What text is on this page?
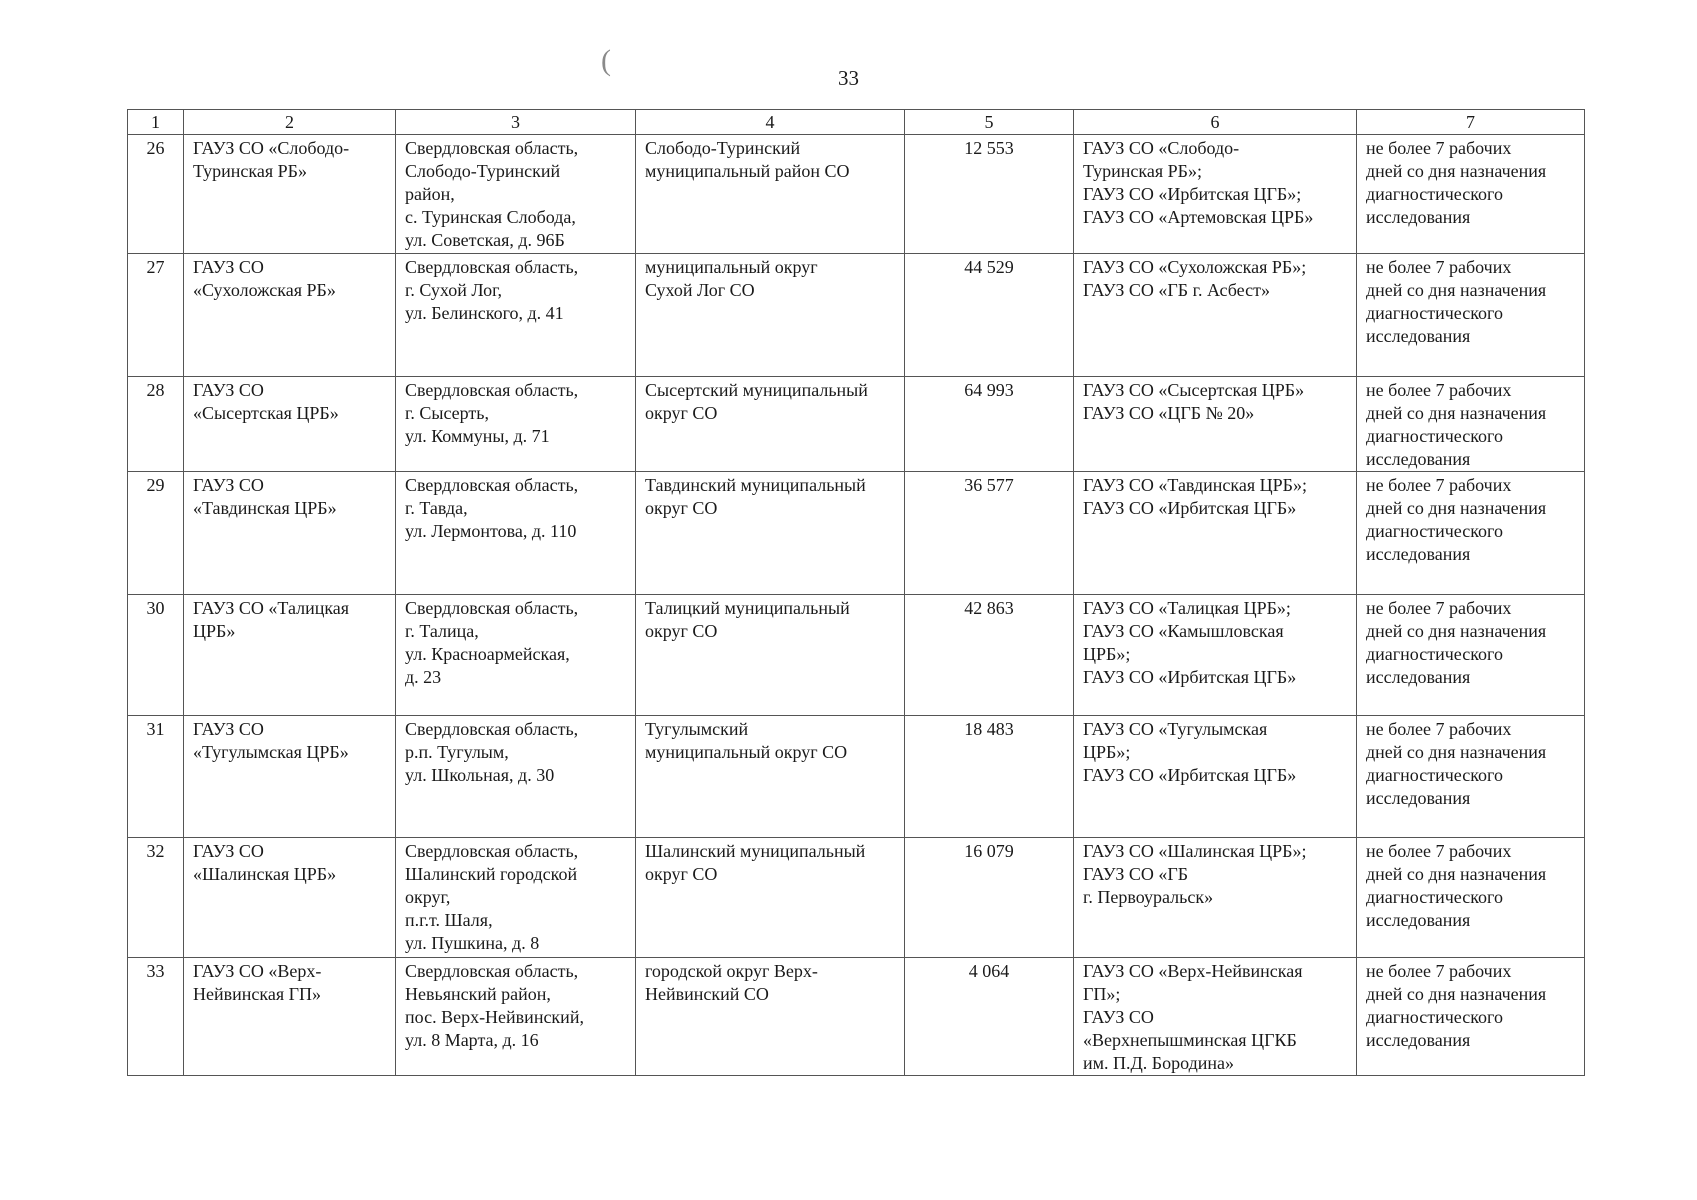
(
33
1	2	3	4	5	6	7
26	ГАУЗ СО «Слободо-
Туринская РБ»	Свердловская область,
Слободо-Туринский
район,
с. Туринская Слобода,
ул. Советская, д. 96Б	Слободо-Туринский
муниципальный район СО	12 553	ГАУЗ СО «Слободо-
Туринская РБ»;
ГАУЗ СО «Ирбитская ЦГБ»;
ГАУЗ СО «Артемовская ЦРБ»	не более 7 рабочих
дней со дня назначения
диагностического
исследования
27	ГАУЗ СО
«Сухоложская РБ»	Свердловская область,
г. Сухой Лог,
ул. Белинского, д. 41	муниципальный округ
Сухой Лог СО	44 529	ГАУЗ СО «Сухоложская РБ»;
ГАУЗ СО «ГБ г. Асбест»	не более 7 рабочих
дней со дня назначения
диагностического
исследования
28	ГАУЗ СО
«Сысертская ЦРБ»	Свердловская область,
г. Сысерть,
ул. Коммуны, д. 71	Сысертский муниципальный
округ СО	64 993	ГАУЗ СО «Сысертская ЦРБ»
ГАУЗ СО «ЦГБ № 20»	не более 7 рабочих
дней со дня назначения
диагностического
исследования
29	ГАУЗ СО
«Тавдинская ЦРБ»	Свердловская область,
г. Тавда,
ул. Лермонтова, д. 110	Тавдинский муниципальный
округ СО	36 577	ГАУЗ СО «Тавдинская ЦРБ»;
ГАУЗ СО «Ирбитская ЦГБ»	не более 7 рабочих
дней со дня назначения
диагностического
исследования
30	ГАУЗ СО «Талицкая
ЦРБ»	Свердловская область,
г. Талица,
ул. Красноармейская,
д. 23	Талицкий муниципальный
округ СО	42 863	ГАУЗ СО «Талицкая ЦРБ»;
ГАУЗ СО «Камышловская
ЦРБ»;
ГАУЗ СО «Ирбитская ЦГБ»	не более 7 рабочих
дней со дня назначения
диагностического
исследования
31	ГАУЗ СО
«Тугулымская ЦРБ»	Свердловская область,
р.п. Тугулым,
ул. Школьная, д. 30	Тугулымский
муниципальный округ СО	18 483	ГАУЗ СО «Тугулымская
ЦРБ»;
ГАУЗ СО «Ирбитская ЦГБ»	не более 7 рабочих
дней со дня назначения
диагностического
исследования
32	ГАУЗ СО
«Шалинская ЦРБ»	Свердловская область,
Шалинский городской
округ,
п.г.т. Шаля,
ул. Пушкина, д. 8	Шалинский муниципальный
округ СО	16 079	ГАУЗ СО «Шалинская ЦРБ»;
ГАУЗ СО «ГБ
г. Первоуральск»	не более 7 рабочих
дней со дня назначения
диагностического
исследования
33	ГАУЗ СО «Верх-
Нейвинская ГП»	Свердловская область,
Невьянский район,
пос. Верх-Нейвинский,
ул. 8 Марта, д. 16	городской округ Верх-
Нейвинский СО	4 064	ГАУЗ СО «Верх-Нейвинская
ГП»;
ГАУЗ СО
«Верхнепышминская ЦГКБ
им. П.Д. Бородина»	не более 7 рабочих
дней со дня назначения
диагностического
исследования
